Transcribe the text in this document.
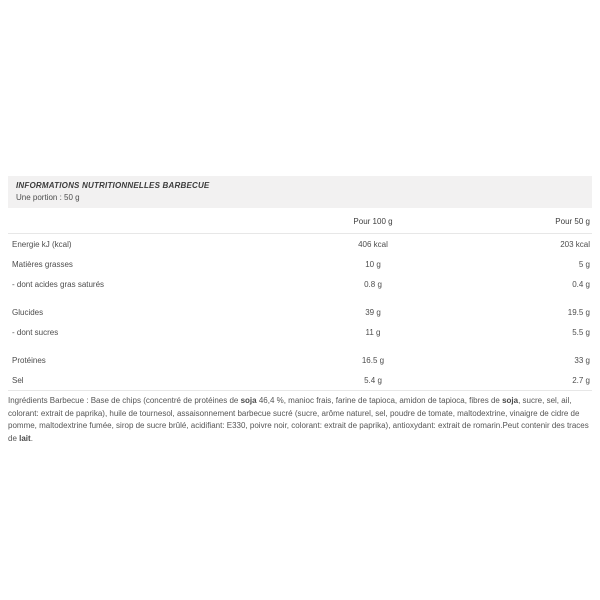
INFORMATIONS NUTRITIONNELLES BARBECUE
Une portion : 50 g
	Pour 100 g	Pour 50 g
Energie kJ (kcal)	406 kcal	203 kcal
Matières grasses	10 g	5 g
- dont acides gras saturés	0.8 g	0.4 g
Glucides	39 g	19.5 g
- dont sucres	11 g	5.5 g
Protéines	16.5 g	33 g
Sel	5.4 g	2.7 g

Ingrédients Barbecue : Base de chips (concentré de protéines de soja 46,4 %, manioc frais, farine de tapioca, amidon de tapioca, fibres de soja, sucre, sel, ail, colorant: extrait de paprika), huile de tournesol, assaisonnement barbecue sucré (sucre, arôme naturel, sel, poudre de tomate, maltodextrine, vinaigre de cidre de pomme, maltodextrine fumée, sirop de sucre brûlé, acidifiant: E330, poivre noir, colorant: extrait de paprika), antioxydant: extrait de romarin.Peut contenir des traces de lait.
